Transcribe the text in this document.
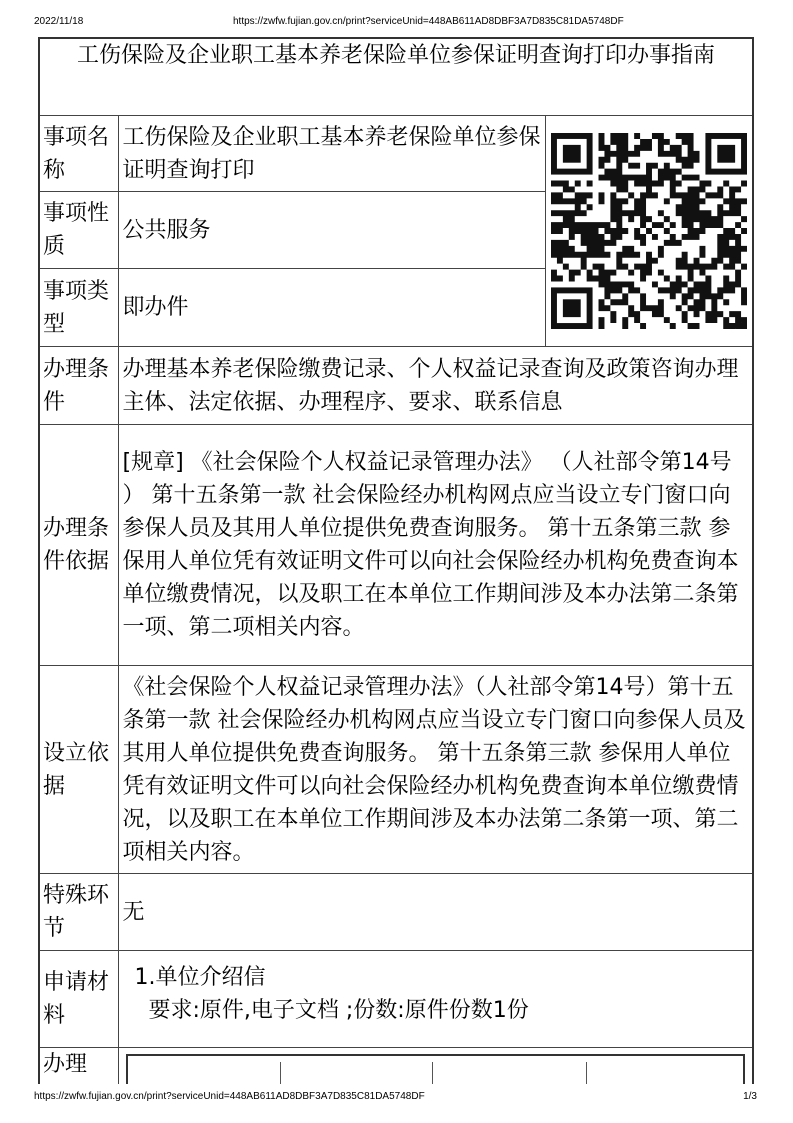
2022/11/18	https://zwfw.fujian.gov.cn/print?serviceUnid=448AB611AD8DBF3A7D835C81DA5748DF
工伤保险及企业职工基本养老保险单位参保证明查询打印办事指南		
事项名称	工伤保险及企业职工基本养老保险单位参保证明查询打印	

事项性质	公共服务	
事项类型	即办件	
办理条件	办理基本养老保险缴费记录、个人权益记录查询及政策咨询办理主体、法定依据、办理程序、要求、联系信息	
办理条件依据	[规章] 《社会保险个人权益记录管理办法》 （人社部令第14号 ） 第十五条第一款 社会保险经办机构网点应当设立专门窗口向参保人员及其用人单位提供免费查询服务。 第十五条第三款 参保用人单位凭有效证明文件可以向社会保险经办机构免费查询本单位缴费情况，以及职工在本单位工作期间涉及本办法第二条第一项、第二项相关内容。	
设立依据	《社会保险个人权益记录管理办法》（人社部令第14号）第十五条第一款 社会保险经办机构网点应当设立专门窗口向参保人员及其用人单位提供免费查询服务。 第十五条第三款 参保用人单位凭有效证明文件可以向社会保险经办机构免费查询本单位缴费情况，以及职工在本单位工作期间涉及本办法第二条第一项、第二项相关内容。	
特殊环节	无	
申请材料	1.单位介绍信
要求:原件,电子文档 ;份数:原件份数1份	

办理		
https://zwfw.fujian.gov.cn/print?serviceUnid=448AB611AD8DBF3A7D835C81DA5748DF	1/3
